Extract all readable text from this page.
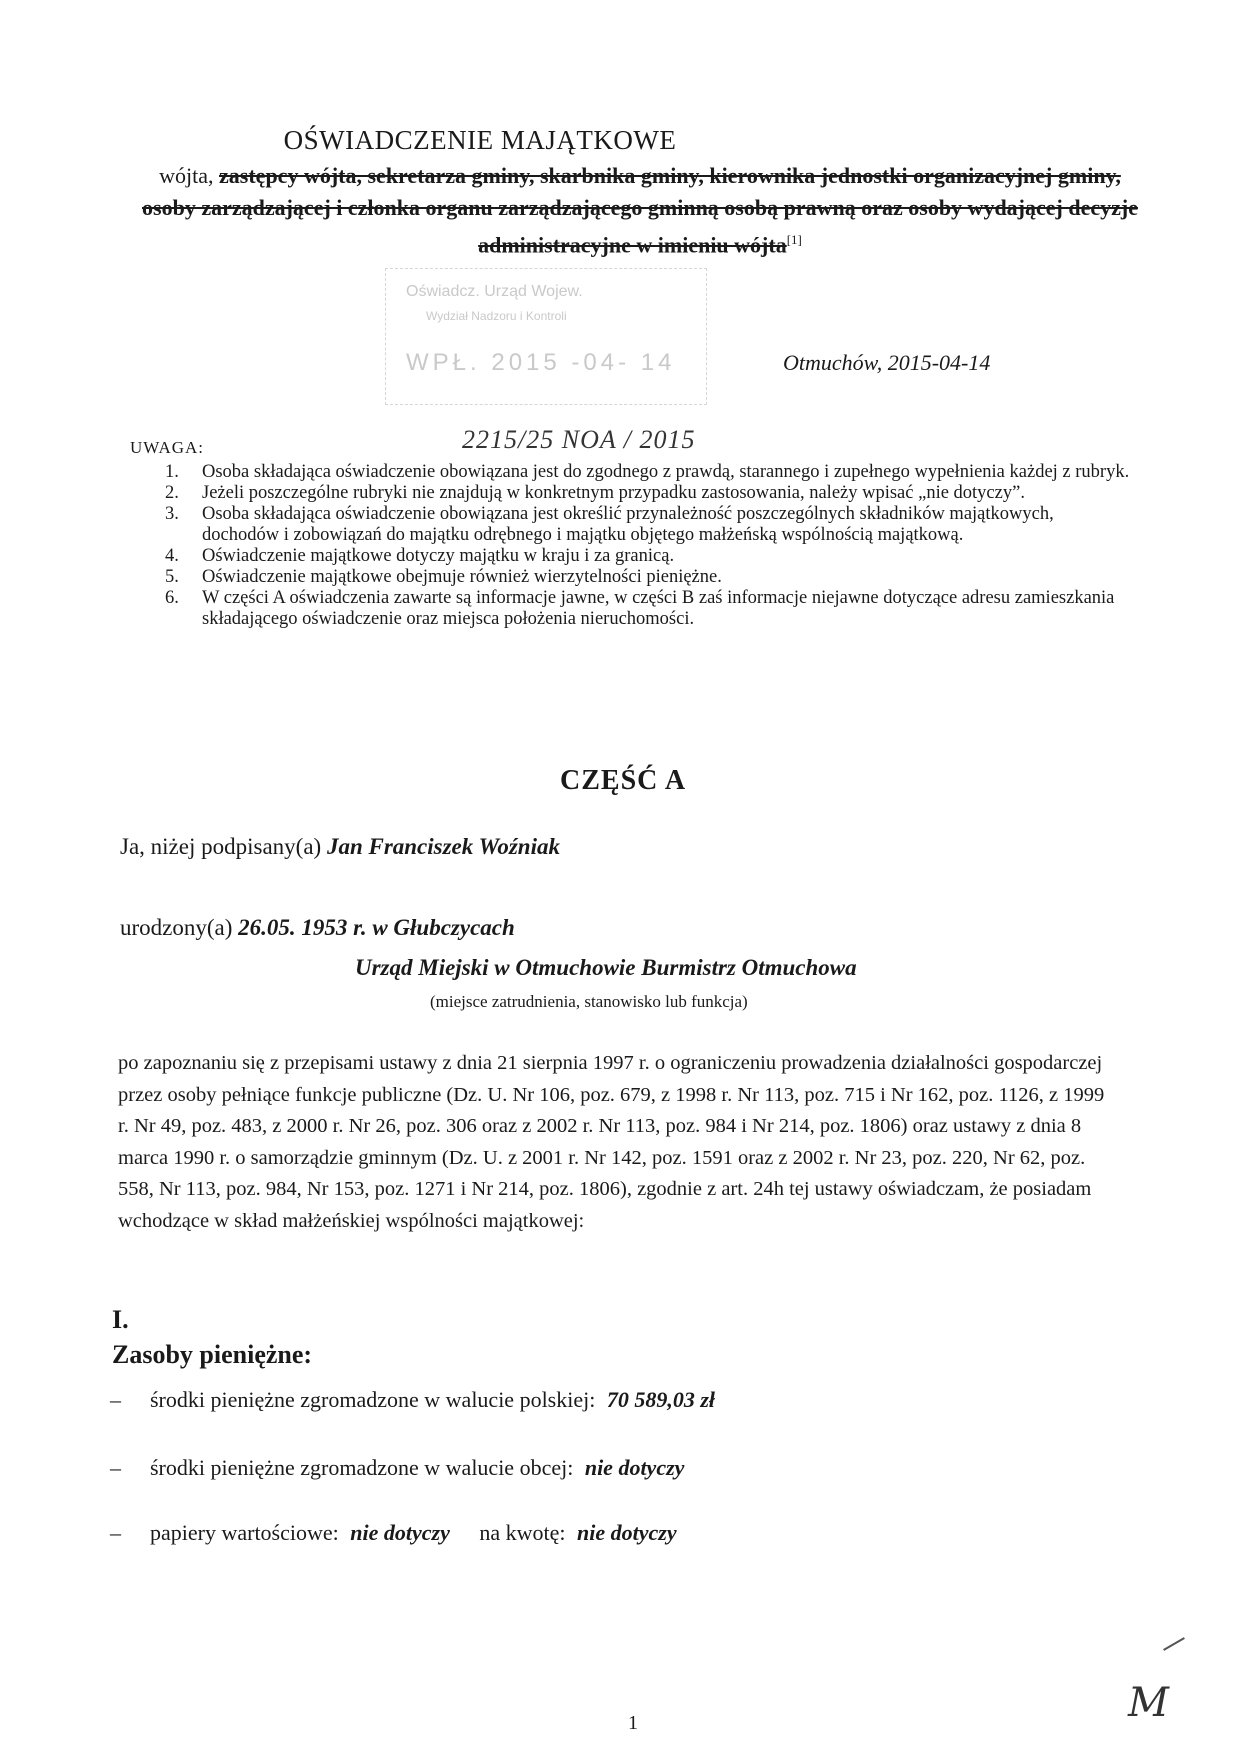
OŚWIADCZENIE MAJĄTKOWE
wójta, zastępcy wójta, sekretarza gminy, skarbnika gminy, kierownika jednostki organizacyjnej gminy, osoby zarządzającej i członka organu zarządzającego gminną osobą prawną oraz osoby wydającej decyzje administracyjne w imieniu wójta[1]
Oświadcz. Urząd Wojew.
Wydział Nadzoru i Kontroli
WPŁ. 2015 -04- 14	Otmuchów, 2015-04-14
2215/25 NOA / 2015
UWAGA:
1. Osoba składająca oświadczenie obowiązana jest do zgodnego z prawdą, starannego i zupełnego wypełnienia każdej z rubryk.
2. Jeżeli poszczególne rubryki nie znajdują w konkretnym przypadku zastosowania, należy wpisać „nie dotyczy”.
3. Osoba składająca oświadczenie obowiązana jest określić przynależność poszczególnych składników majątkowych, dochodów i zobowiązań do majątku odrębnego i majątku objętego małżeńską wspólnością majątkową.
4. Oświadczenie majątkowe dotyczy majątku w kraju i za granicą.
5. Oświadczenie majątkowe obejmuje również wierzytelności pieniężne.
6. W części A oświadczenia zawarte są informacje jawne, w części B zaś informacje niejawne dotyczące adresu zamieszkania składającego oświadczenie oraz miejsca położenia nieruchomości.
CZĘŚĆ A
Ja, niżej podpisany(a) Jan Franciszek Woźniak
urodzony(a) 26.05. 1953 r. w Głubczycach
Urząd Miejski w Otmuchowie Burmistrz Otmuchowa
(miejsce zatrudnienia, stanowisko lub funkcja)
po zapoznaniu się z przepisami ustawy z dnia 21 sierpnia 1997 r. o ograniczeniu prowadzenia działalności gospodarczej przez osoby pełniące funkcje publiczne (Dz. U. Nr 106, poz. 679, z 1998 r. Nr 113, poz. 715 i Nr 162, poz. 1126, z 1999 r. Nr 49, poz. 483, z 2000 r. Nr 26, poz. 306 oraz z 2002 r. Nr 113, poz. 984 i Nr 214, poz. 1806) oraz ustawy z dnia 8 marca 1990 r. o samorządzie gminnym (Dz. U. z 2001 r. Nr 142, poz. 1591 oraz z 2002 r. Nr 23, poz. 220, Nr 62, poz. 558, Nr 113, poz. 984, Nr 153, poz. 1271 i Nr 214, poz. 1806), zgodnie z art. 24h tej ustawy oświadczam, że posiadam wchodzące w skład małżeńskiej wspólności majątkowej:
I.
Zasoby pieniężne:
– środki pieniężne zgromadzone w walucie polskiej: 70 589,03 zł
– środki pieniężne zgromadzone w walucie obcej: nie dotyczy
– papiery wartościowe: nie dotyczy na kwotę: nie dotyczy
1	M
